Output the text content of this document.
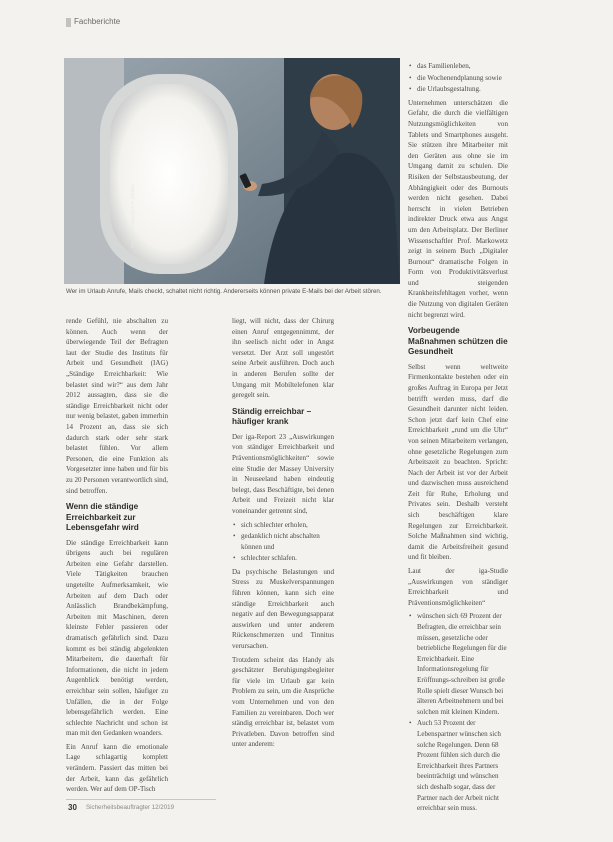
Fachberichte
Foto: ©Shutterstock/ P. N. Adriaen
Wer im Urlaub Anrufe, Mails checkt, schaltet nicht richtig. Andererseits können private E-Mails bei der Arbeit stören.

rende Gefühl, nie abschalten zu können. Auch wenn der überwiegende Teil der Befragten laut der Studie des Instituts für Arbeit und Gesundheit (IAG) „Ständige Erreichbarkeit: Wie belastet sind wir?“ aus dem Jahr 2012 aussagten, dass sie die ständige Erreichbarkeit nicht oder nur wenig belastet, gaben immerhin 14 Prozent an, dass sie sich dadurch stark oder sehr stark belastet fühlen. Vor allem Personen, die eine Funktion als Vorgesetzter inne haben und für bis zu 20 Personen verantwortlich sind, sind betroffen.

Wenn die ständige Erreichbarkeit zur Lebensgefahr wird

Die ständige Erreichbarkeit kann übrigens auch bei regulären Arbeiten eine Gefahr darstellen. Viele Tätigkeiten brauchen ungeteilte Aufmerksamkeit, wie Arbeiten auf dem Dach oder Anlässlich Brandbekämpfung, Arbeiten mit Maschinen, deren kleinste Fehler passieren oder dramatisch gefährlich sind. Dazu kommt es bei ständig abgelenkten Mitarbeitern, die dauerhaft für Informationen, die nicht in jedem Augenblick benötigt werden, erreichbar sein sollen, häufiger zu Unfällen, die in der Folge lebensgefährlich werden. Eine schlechte Nachricht und schon ist man mit den Gedanken woanders.

Ein Anruf kann die emotionale Lage schlagartig komplett verändern. Passiert das mitten bei der Arbeit, kann das gefährlich werden. Wer auf dem OP-Tisch

liegt, will nicht, dass der Chirurg einen Anruf entgegennimmt, der ihn seelisch nicht oder in Angst versetzt. Der Arzt soll ungestört seine Arbeit ausführen. Doch auch in anderen Berufen sollte der Umgang mit Mobiltelefonen klar geregelt sein.

Ständig erreichbar – häufiger krank

Der iga-Report 23 „Auswirkungen von ständiger Erreichbarkeit und Präventionsmöglichkeiten“ sowie eine Studie der Massey University in Neuseeland haben eindeutig belegt, dass Beschäftigte, bei denen Arbeit und Freizeit nicht klar voneinander getrennt sind,

• sich schlechter erholen,
• gedanklich nicht abschalten können und
• schlechter schlafen.

Da psychische Belastungen und Stress zu Muskelverspannungen führen können, kann sich eine ständige Erreichbarkeit auch negativ auf den Bewegungsapparat auswirken und unter anderem Rückenschmerzen und Tinnitus verursachen.

Trotzdem scheint das Handy als geschätzter Beruhigungsbegleiter für viele im Urlaub gar kein Problem zu sein, um die Ansprüche vom Unternehmen und von den Familien zu vereinbaren. Doch wer ständig erreichbar ist, belastet vom Privatleben. Davon betroffen sind unter anderem:

• das Familienleben,
• die Wochenendplanung sowie
• die Urlaubsgestaltung.

Unternehmen unterschätzen die Gefahr, die durch die vielfältigen Nutzungsmöglichkeiten von Tablets und Smartphones ausgeht. Sie stützen ihre Mitarbeiter mit den Geräten aus ohne sie im Umgang damit zu schulen. Die Risiken der Selbstausbeutung, der Abhängigkeit oder des Burnouts werden nicht gesehen. Dabei herrscht in vielen Betrieben indirekter Druck etwa aus Angst um den Arbeitsplatz. Der Berliner Wissenschaftler Prof. Markowetz zeigt in seinem Buch „Digitaler Burnout“ dramatische Folgen in Form von Produktivitätsverlust und steigenden Krankheitsfehltagen vorher, wenn die Nutzung von digitalen Geräten nicht begrenzt wird.

Vorbeugende Maßnahmen schützen die Gesundheit

Selbst wenn weltweite Firmenkontakte bestehen oder ein großes Auftrag in Europa per Jetzt betrifft werden muss, darf die Gesundheit darunter nicht leiden. Schon jetzt darf kein Chef eine Erreichbarkeit „rund um die Uhr“ von seinen Mitarbeitern verlangen, ohne gesetzliche Regelungen zum Arbeitszeit zu beachten. Spricht: Nach der Arbeit ist vor der Arbeit und dazwischen muss ausreichend Zeit für Ruhe, Erholung und Privates sein. Deshalb versteht sich beschäftigen klare Regelungen zur Erreichbarkeit. Solche Maßnahmen sind wichtig, damit die Arbeitsfreiheit gesund und fit bleiben.

Laut der iga-Studie „Auswirkungen von ständiger Erreichbarkeit und Präventionsmöglichkeiten“

• wünschen sich 69 Prozent der Befragten, die erreichbar sein müssen, gesetzliche oder betriebliche Regelungen für die Erreichbarkeit. Eine Informationsregelung für Eröffnungs-schreiben ist große Rolle spielt dieser Wunsch bei älteren Arbeitnehmern und bei solchen mit kleinen Kindern.
• Auch 53 Prozent der Lebenspartner wünschen sich solche Regelungen. Denn 68 Prozent fühlen sich durch die Erreichbarkeit ihres Partners beeinträchtigt und wünschen sich deshalb sogar, dass der Partner nach der Arbeit nicht erreichbar sein muss.
30 Sicherheitsbeauftragter 12/2019
